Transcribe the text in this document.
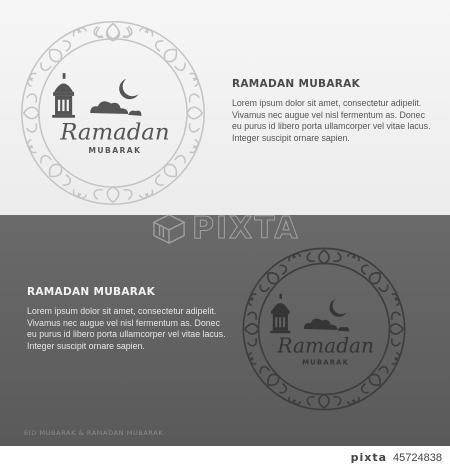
Ramadan
MUBARAK
RAMADAN MUBARAK
Lorem ipsum dolor sit amet, consectetur adipelit.
Vivamus nec augue vel nisl fermentum as. Donec
eu purus id libero porta ullamcorper vel vitae lacus.
Integer suscipit ornare sapien.
RAMADAN MUBARAK
Lorem ipsum dolor sit amet, consectetur adipelit.
Vivamus nec augue vel nisl fermentum as. Donec
eu purus id libero porta ullamcorper vel vitae lacus.
Integer suscipit ornare sapien.	Ramadan
MUBARAK
EID MUBARAK & RAMADAN MUBARAK
PIXTA
pixta 45724838
